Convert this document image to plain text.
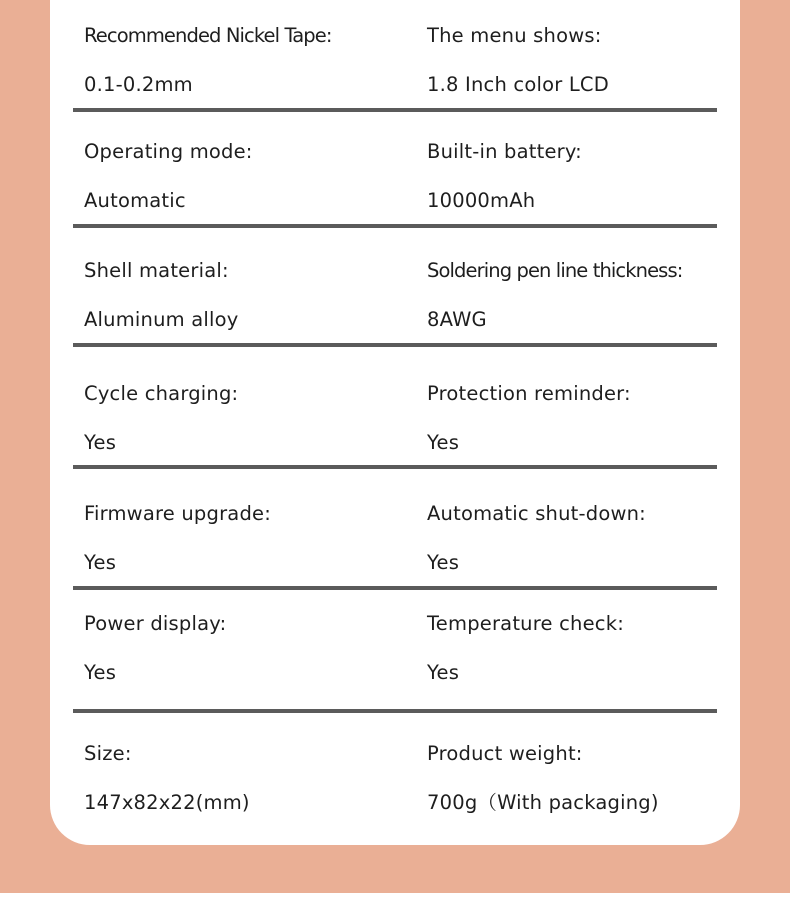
Recommended Nickel Tape:
0.1-0.2mm
The menu shows:
1.8 Inch color LCD
Operating mode:
Automatic
Built-in battery:
10000mAh
Shell material:
Aluminum alloy
Soldering pen line thickness:
8AWG
Cycle charging:
Yes
Protection reminder:
Yes
Firmware upgrade:
Yes
Automatic shut-down:
Yes
Power display:
Yes
Temperature check:
Yes
Size:
147x82x22(mm)
Product weight:
700g（With packaging)
